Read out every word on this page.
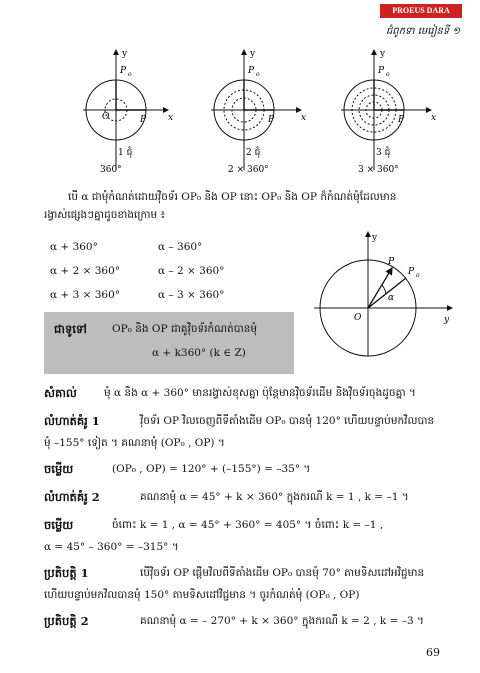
PROEUS DARA
ជំពូកទា មេរៀនទី ១
y
x
O
P o
P
1 ជុំ
360°
y
x
P o
P
2 ជុំ
2 × 360°
y
x
P o
P
3 ជុំ
3 × 360°
បើ α ជាមុំកំណត់ដោយវ៉ិចទ័រ OP₀ និង OP នោះ OP₀ និង OP ក៏កំណត់មុំដែលមាន
រង្វាស់ផ្សេងៗគ្នាដូចខាងក្រោម ៖
α + 360°	α – 360°
α + 2 × 360°	α – 2 × 360°
α + 3 × 360°	α – 3 × 360°
y
y
O
P
P o
α
ជាទូទៅ OP₀ និង OP ជាគូវ៉ិចទ័រកំណត់បានមុំ
α + k360° (k ∈ Z)
សំគាល់	មុំ α និង α + 360° មានរង្វាស់ខុសគ្នា ប៉ុន្តែមានវ៉ិចទ័រដើម និងវ៉ិចទ័រចុងដូចគ្នា ។
លំហាត់គំរូ 1	វ៉ិចទ័រ OP វិលចេញពីទីតាំងដើម OP₀ បានមុំ 120° ហើយបន្ទាប់មកវិលបាន
មុំ –155° ទៀត ។ គណនាមុំ (OP₀ , OP) ។
ចម្លើយ	(OP₀ , OP) = 120° + (–155°) = –35° ។
លំហាត់គំរូ 2	គណនាមុំ α = 45° + k × 360° ក្នុងករណី k = 1 , k = –1 ។
ចម្លើយ	ចំពោះ k = 1 , α = 45° + 360° = 405° ។ ចំពោះ k = –1 ,
α = 45° – 360° = –315° ។
ប្រតិបត្តិ 1	បើវ៉ិចទ័រ OP ផ្ដើមវិលពីទីតាំងដើម OP₀ បានមុំ 70° តាមទិសដៅអវិជ្ជមាន
ហើយបន្ទាប់មកវិលបានមុំ 150° តាមទិសដៅវិជ្ជមាន ។ ចូរកំណត់មុំ (OP₀ , OP)
ប្រតិបត្តិ 2	គណនាមុំ α = – 270° + k × 360° ក្នុងករណី k = 2 , k = –3 ។
69
